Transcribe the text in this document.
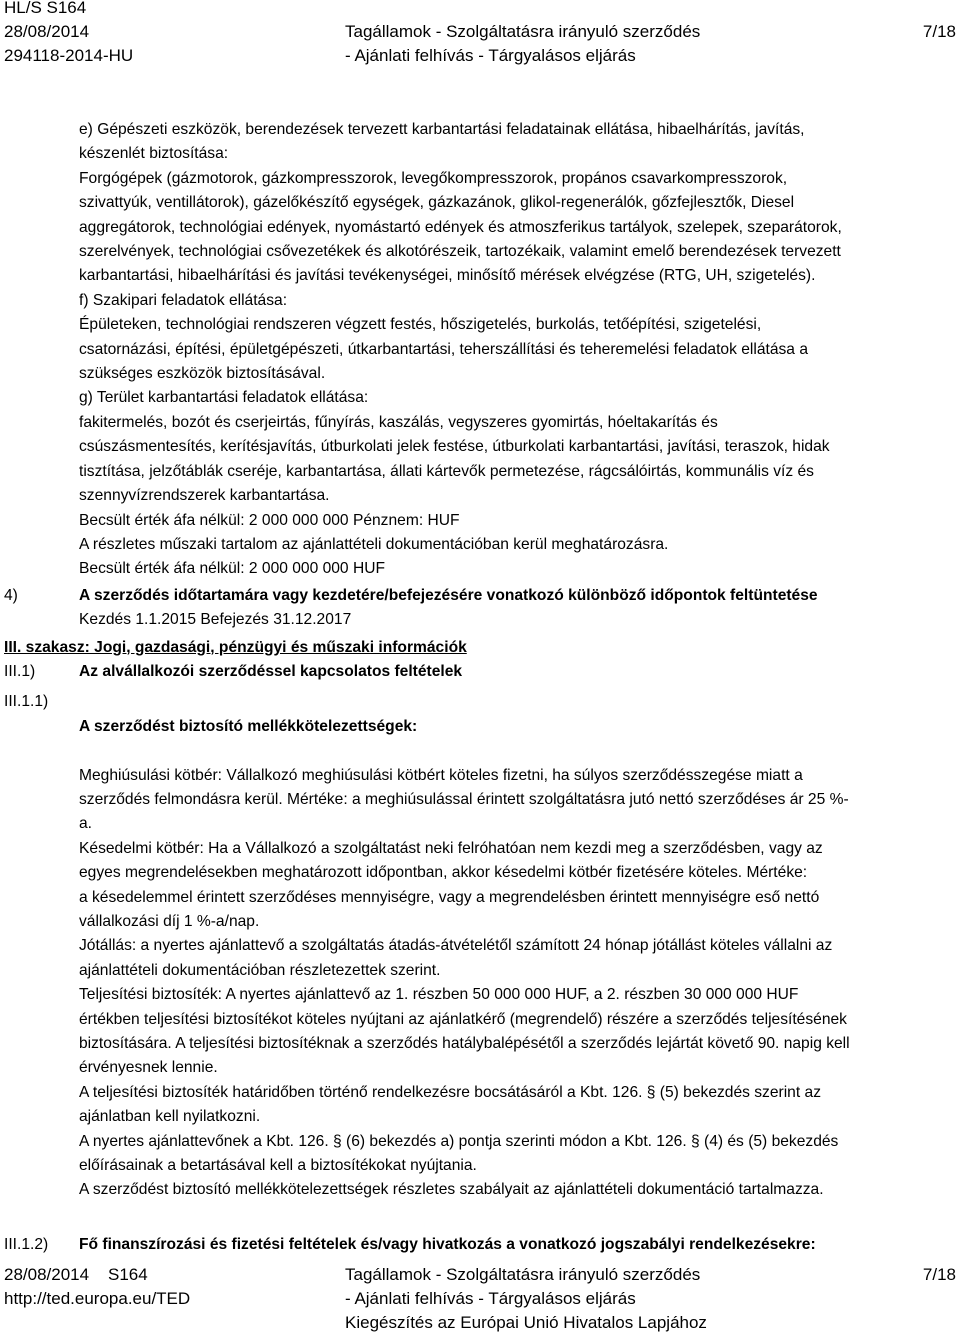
HL/S S164
28/08/2014	Tagállamok - Szolgáltatásra irányuló szerződés	7/18
294118-2014-HU	- Ajánlati felhívás - Tárgyalásos eljárás
e) Gépészeti eszközök, berendezések tervezett karbantartási feladatainak ellátása, hibaelhárítás, javítás,
készenlét biztosítása:
Forgógépek (gázmotorok, gázkompresszorok, levegőkompresszorok, propános csavarkompresszorok,
szivattyúk, ventillátorok), gázelőkészítő egységek, gázkazánok, glikol-regenerálók, gőzfejlesztők, Diesel
aggregátorok, technológiai edények, nyomástartó edények és atmoszferikus tartályok, szelepek, szeparátorok,
szerelvények, technológiai csővezetékek és alkotórészeik, tartozékaik, valamint emelő berendezések tervezett
karbantartási, hibaelhárítási és javítási tevékenységei, minősítő mérések elvégzése (RTG, UH, szigetelés).
f) Szakipari feladatok ellátása:
Épületeken, technológiai rendszeren végzett festés, hőszigetelés, burkolás, tetőépítési, szigetelési,
csatornázási, építési, épületgépészeti, útkarbantartási, teherszállítási és teheremelési feladatok ellátása a
szükséges eszközök biztosításával.
g) Terület karbantartási feladatok ellátása:
fakitermelés, bozót és cserjeirtás, fűnyírás, kaszálás, vegyszeres gyomirtás, hóeltakarítás és
csúszásmentesítés, kerítésjavítás, útburkolati jelek festése, útburkolati karbantartási, javítási, teraszok, hidak
tisztítása, jelzőtáblák cseréje, karbantartása, állati kártevők permetezése, rágcsálóirtás, kommunális víz és
szennyvízrendszerek karbantartása.
Becsült érték áfa nélkül: 2 000 000 000 Pénznem: HUF
A részletes műszaki tartalom az ajánlattételi dokumentációban kerül meghatározásra.
Becsült érték áfa nélkül: 2 000 000 000 HUF
4)	A szerződés időtartamára vagy kezdetére/befejezésére vonatkozó különböző időpontok feltüntetése
Kezdés 1.1.2015 Befejezés 31.12.2017
III. szakasz: Jogi, gazdasági, pénzügyi és műszaki információk
III.1)	Az alvállalkozói szerződéssel kapcsolatos feltételek
III.1.1)

A szerződést biztosító mellékkötelezettségek:

Meghiúsulási kötbér: Vállalkozó meghiúsulási kötbért köteles fizetni, ha súlyos szerződésszegése miatt a
szerződés felmondásra kerül. Mértéke: a meghiúsulással érintett szolgáltatásra jutó nettó szerződéses ár 25 %-
a.
Késedelmi kötbér: Ha a Vállalkozó a szolgáltatást neki felróhatóan nem kezdi meg a szerződésben, vagy az
egyes megrendelésekben meghatározott időpontban, akkor késedelmi kötbér fizetésére köteles. Mértéke:
a késedelemmel érintett szerződéses mennyiségre, vagy a megrendelésben érintett mennyiségre eső nettó
vállalkozási díj 1 %-a/nap.
Jótállás: a nyertes ajánlattevő a szolgáltatás átadás-átvételétől számított 24 hónap jótállást köteles vállalni az
ajánlattételi dokumentációban részletezettek szerint.
Teljesítési biztosíték: A nyertes ajánlattevő az 1. részben 50 000 000 HUF, a 2. részben 30 000 000 HUF
értékben teljesítési biztosítékot köteles nyújtani az ajánlatkérő (megrendelő) részére a szerződés teljesítésének
biztosítására. A teljesítési biztosítéknak a szerződés hatálybalépésétől a szerződés lejártát követő 90. napig kell
érvényesnek lennie.
A teljesítési biztosíték határidőben történő rendelkezésre bocsátásáról a Kbt. 126. § (5) bekezdés szerint az
ajánlatban kell nyilatkozni.
A nyertes ajánlattevőnek a Kbt. 126. § (6) bekezdés a) pontja szerinti módon a Kbt. 126. § (4) és (5) bekezdés
előírásainak a betartásával kell a biztosítékokat nyújtania.
A szerződést biztosító mellékkötelezettségek részletes szabályait az ajánlattételi dokumentáció tartalmazza.

III.1.2)	Fő finanszírozási és fizetési feltételek és/vagy hivatkozás a vonatkozó jogszabályi rendelkezésekre:
28/08/2014 S164	Tagállamok - Szolgáltatásra irányuló szerződés	7/18
http://ted.europa.eu/TED	- Ajánlati felhívás - Tárgyalásos eljárás
Kiegészítés az Európai Unió Hivatalos Lapjához
